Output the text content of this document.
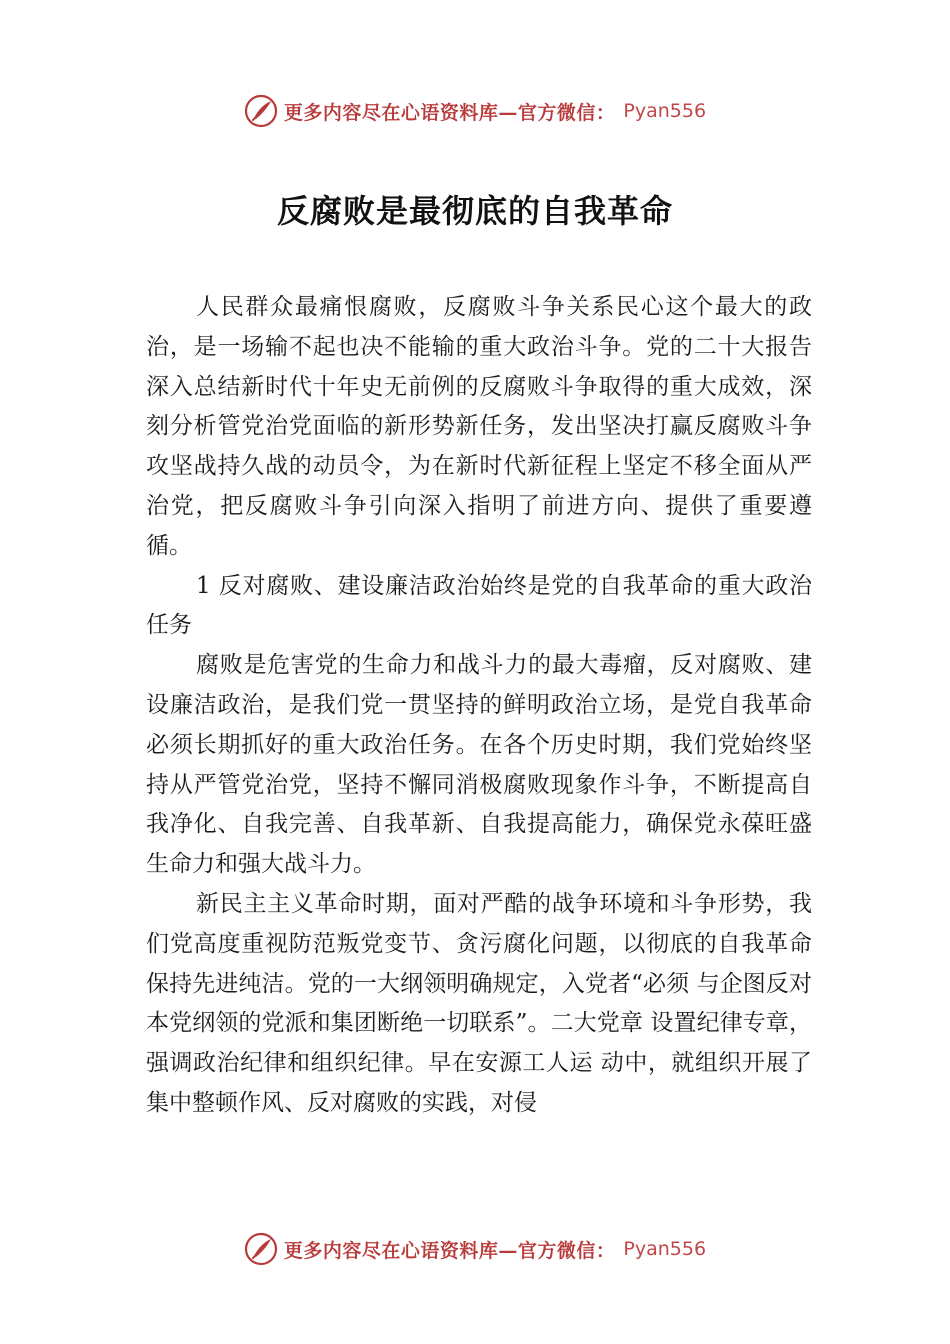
更多内容尽在心语资料库—官方微信： Pyan556
反腐败是最彻底的自我革命

人民群众最痛恨腐败，反腐败斗争关系民心这个最大的政治，是一场输不起也决不能输的重大政治斗争。党的二十大报告深入总结新时代十年史无前例的反腐败斗争取得的重大成效，深刻分析管党治党面临的新形势新任务，发出坚决打赢反腐败斗争攻坚战持久战的动员令，为在新时代新征程上坚定不移全面从严治党，把反腐败斗争引向深入指明了前进方向、提供了重要遵循。

1 反对腐败、建设廉洁政治始终是党的自我革命的重大政治任务

腐败是危害党的生命力和战斗力的最大毒瘤，反对腐败、建设廉洁政治，是我们党一贯坚持的鲜明政治立场，是党自我革命必须长期抓好的重大政治任务。在各个历史时期，我们党始终坚持从严管党治党，坚持不懈同消极腐败现象作斗争，不断提高自我净化、自我完善、自我革新、自我提高能力，确保党永葆旺盛生命力和强大战斗力。

新民主主义革命时期，面对严酷的战争环境和斗争形势，我们党高度重视防范叛党变节、贪污腐化问题，以彻底的自我革命保持先进纯洁。党的一大纲领明确规定，入党者“必须 与企图反对本党纲领的党派和集团断绝一切联系”。二大党章 设置纪律专章，强调政治纪律和组织纪律。早在安源工人运 动中，就组织开展了集中整顿作风、反对腐败的实践，对侵

更多内容尽在心语资料库—官方微信： Pyan556
